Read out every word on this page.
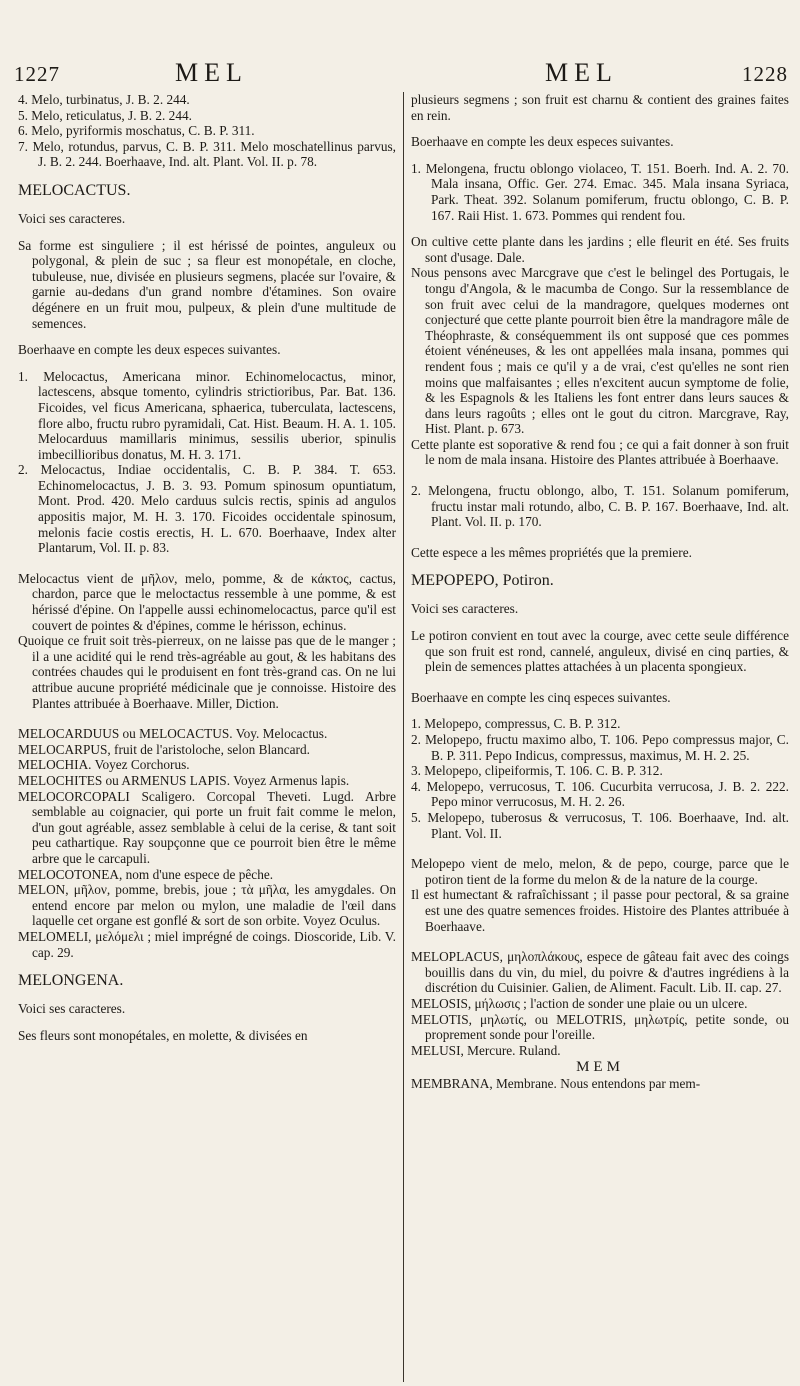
1227	MEL	MEL	1228

4. Melo, turbinatus, J. B. 2. 244.

5. Melo, reticulatus, J. B. 2. 244.

6. Melo, pyriformis moschatus, C. B. P. 311.

7. Melo, rotundus, parvus, C. B. P. 311. Melo moschatellinus parvus, J. B. 2. 244. Boerhaave, Ind. alt. Plant. Vol. II. p. 78.

MELOCACTUS.

Voici ses caracteres.

Sa forme est singuliere ; il est hérissé de pointes, anguleux ou polygonal, & plein de suc ; sa fleur est monopétale, en cloche, tubuleuse, nue, divisée en plusieurs segmens, placée sur l'ovaire, & garnie au-dedans d'un grand nombre d'étamines. Son ovaire dégénere en un fruit mou, pulpeux, & plein d'une multitude de semences.

Boerhaave en compte les deux especes suivantes.

1. Melocactus, Americana minor. Echinomelocactus, minor, lactescens, absque tomento, cylindris strictioribus, Par. Bat. 136. Ficoides, vel ficus Americana, sphaerica, tuberculata, lactescens, flore albo, fructu rubro pyramidali, Cat. Hist. Beaum. H. A. 1. 105. Melocarduus mamillaris minimus, sessilis uberior, spinulis imbecillioribus donatus, M. H. 3. 171.

2. Melocactus, Indiae occidentalis, C. B. P. 384. T. 653. Echinomelocactus, J. B. 3. 93. Pomum spinosum opuntiatum, Mont. Prod. 420. Melo carduus sulcis rectis, spinis ad angulos appositis major, M. H. 3. 170. Ficoides occidentale spinosum, melonis facie costis erectis, H. L. 670. Boerhaave, Index alter Plantarum, Vol. II. p. 83.

Melocactus vient de μῆλον, melo, pomme, & de κάκτος, cactus, chardon, parce que le meloctactus ressemble à une pomme, & est hérissé d'épine. On l'appelle aussi echinomelocactus, parce qu'il est couvert de pointes & d'épines, comme le hérisson, echinus.

Quoique ce fruit soit très-pierreux, on ne laisse pas que de le manger ; il a une acidité qui le rend très-agréable au gout, & les habitans des contrées chaudes qui le produisent en font très-grand cas. On ne lui attribue aucune propriété médicinale que je connoisse. Histoire des Plantes attribuée à Boerhaave. Miller, Diction.

MELOCARDUUS ou MELOCACTUS. Voy. Melocactus.

MELOCARPUS, fruit de l'aristoloche, selon Blancard.

MELOCHIA. Voyez Corchorus.

MELOCHITES ou ARMENUS LAPIS. Voyez Armenus lapis.

MELOCORCOPALI Scaligero. Corcopal Theveti. Lugd. Arbre semblable au coignacier, qui porte un fruit fait comme le melon, d'un gout agréable, assez semblable à celui de la cerise, & tant soit peu cathartique. Ray soupçonne que ce pourroit bien être le même arbre que le carcapuli.

MELOCOTONEA, nom d'une espece de pêche.

MELON, μῆλον, pomme, brebis, joue ; τὰ μῆλα, les amygdales. On entend encore par melon ou mylon, une maladie de l'œil dans laquelle cet organe est gonflé & sort de son orbite. Voyez Oculus.

MELOMELI, μελόμελι ; miel imprégné de coings. Dioscoride, Lib. V. cap. 29.

MELONGENA.

Voici ses caracteres.

Ses fleurs sont monopétales, en molette, & divisées en

plusieurs segmens ; son fruit est charnu & contient des graines faites en rein.

Boerhaave en compte les deux especes suivantes.

1. Melongena, fructu oblongo violaceo, T. 151. Boerh. Ind. A. 2. 70. Mala insana, Offic. Ger. 274. Emac. 345. Mala insana Syriaca, Park. Theat. 392. Solanum pomiferum, fructu oblongo, C. B. P. 167. Raii Hist. 1. 673. Pommes qui rendent fou.

On cultive cette plante dans les jardins ; elle fleurit en été. Ses fruits sont d'usage. Dale.

Nous pensons avec Marcgrave que c'est le belingel des Portugais, le tongu d'Angola, & le macumba de Congo. Sur la ressemblance de son fruit avec celui de la mandragore, quelques modernes ont conjecturé que cette plante pourroit bien être la mandragore mâle de Théophraste, & conséquemment ils ont supposé que ces pommes étoient vénéneuses, & les ont appellées mala insana, pommes qui rendent fous ; mais ce qu'il y a de vrai, c'est qu'elles ne sont rien moins que malfaisantes ; elles n'excitent aucun symptome de folie, & les Espagnols & les Italiens les font entrer dans leurs sauces & dans leurs ragoûts ; elles ont le gout du citron. Marcgrave, Ray, Hist. Plant. p. 673.

Cette plante est soporative & rend fou ; ce qui a fait donner à son fruit le nom de mala insana. Histoire des Plantes attribuée à Boerhaave.

2. Melongena, fructu oblongo, albo, T. 151. Solanum pomiferum, fructu instar mali rotundo, albo, C. B. P. 167. Boerhaave, Ind. alt. Plant. Vol. II. p. 170.

Cette espece a les mêmes propriétés que la premiere.

MEPOPEPO, Potiron.

Voici ses caracteres.

Le potiron convient en tout avec la courge, avec cette seule différence que son fruit est rond, cannelé, anguleux, divisé en cinq parties, & plein de semences plattes attachées à un placenta spongieux.

Boerhaave en compte les cinq especes suivantes.

1. Melopepo, compressus, C. B. P. 312.

2. Melopepo, fructu maximo albo, T. 106. Pepo compressus major, C. B. P. 311. Pepo Indicus, compressus, maximus, M. H. 2. 25.

3. Melopepo, clipeiformis, T. 106. C. B. P. 312.

4. Melopepo, verrucosus, T. 106. Cucurbita verrucosa, J. B. 2. 222. Pepo minor verrucosus, M. H. 2. 26.

5. Melopepo, tuberosus & verrucosus, T. 106. Boerhaave, Ind. alt. Plant. Vol. II.

Melopepo vient de melo, melon, & de pepo, courge, parce que le potiron tient de la forme du melon & de la nature de la courge.

Il est humectant & rafraîchissant ; il passe pour pectoral, & sa graine est une des quatre semences froides. Histoire des Plantes attribuée à Boerhaave.

MELOPLACUS, μηλοπλάκους, espece de gâteau fait avec des coings bouillis dans du vin, du miel, du poivre & d'autres ingrédiens à la discrétion du Cuisinier. Galien, de Aliment. Facult. Lib. II. cap. 27.

MELOSIS, μήλωσις ; l'action de sonder une plaie ou un ulcere.

MELOTIS, μηλωτίς, ou MELOTRIS, μηλωτρίς, petite sonde, ou proprement sonde pour l'oreille.

MELUSI, Mercure. Ruland.

MEM

MEMBRANA, Membrane. Nous entendons par mem-
